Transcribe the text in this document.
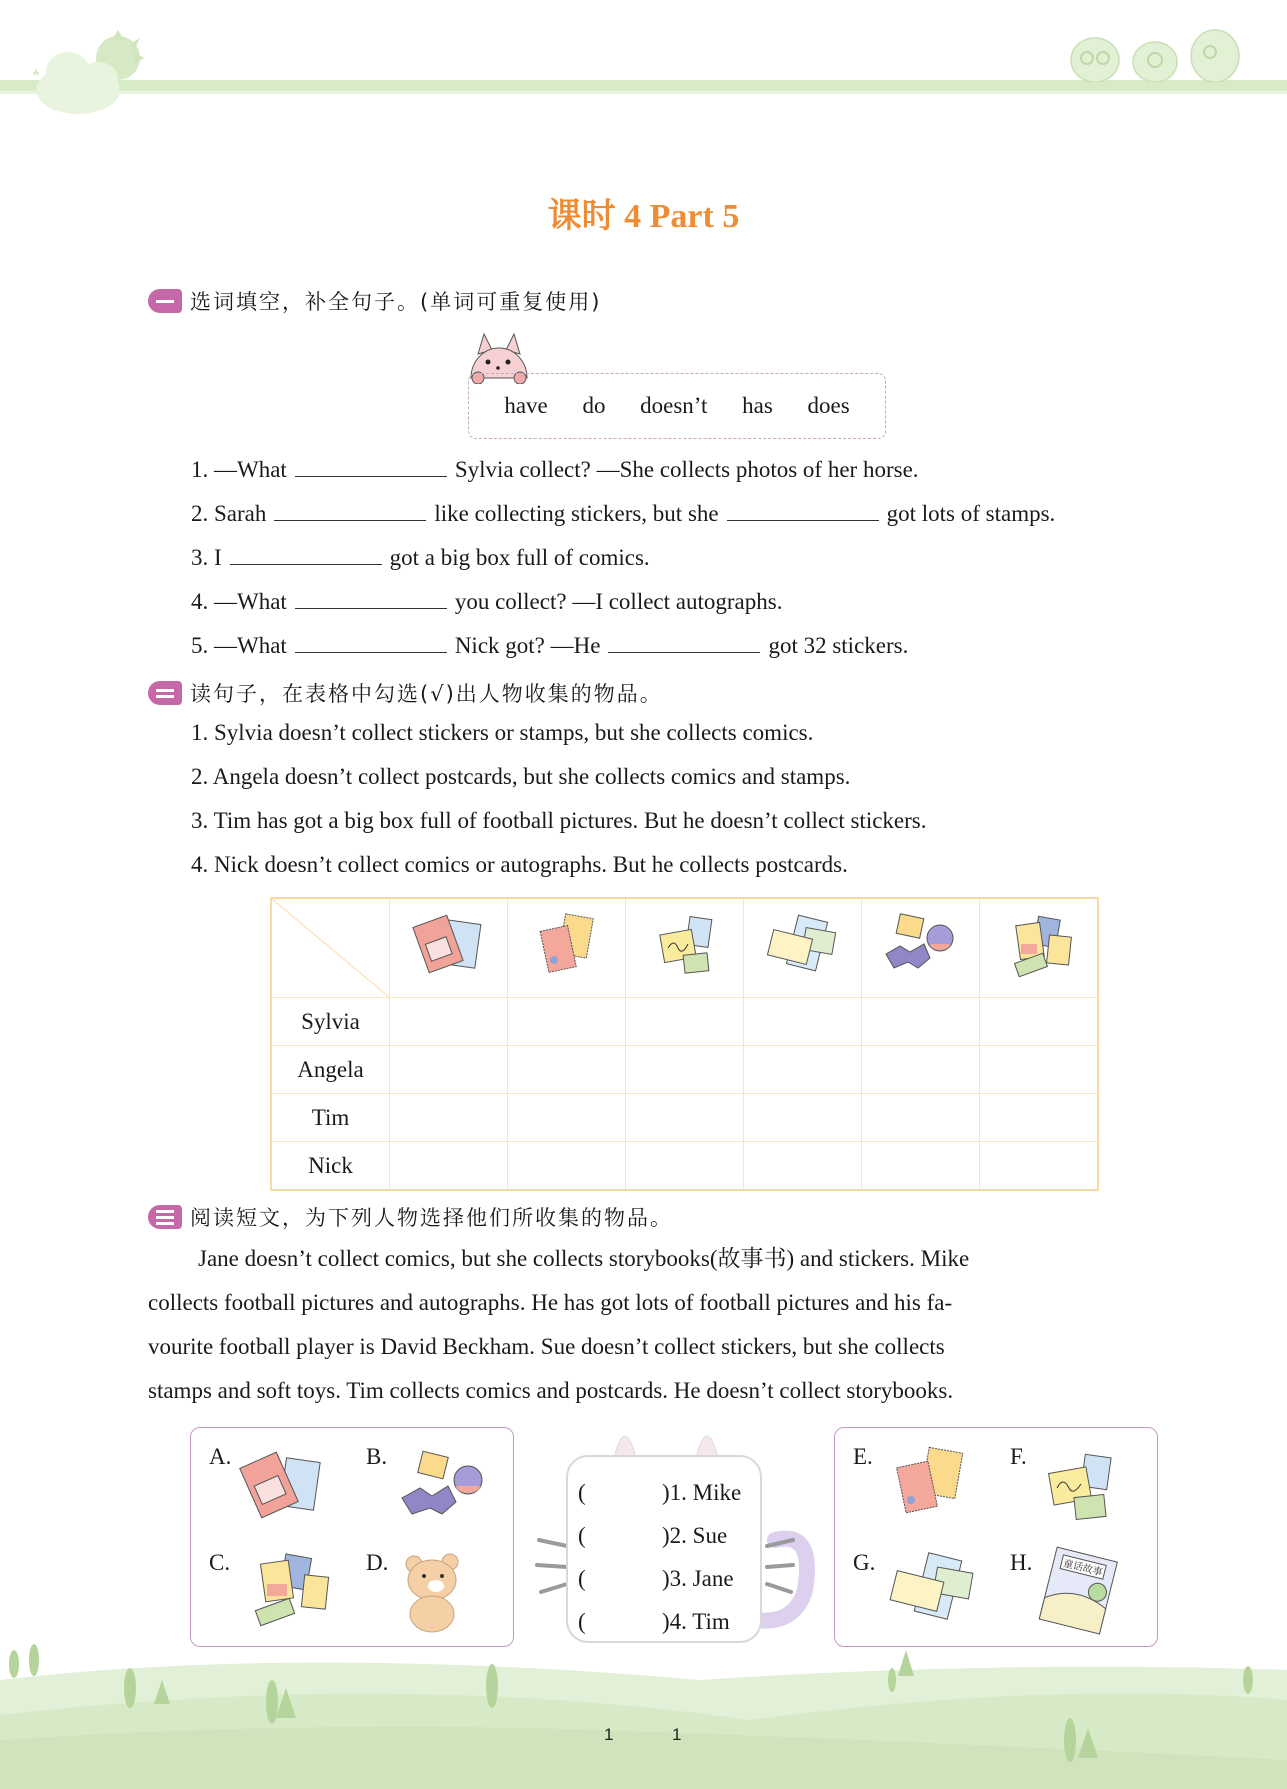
课时 4 Part 5
选词填空，补全句子。(单词可重复使用)
have do doesn’t has does
1. —What	Sylvia collect? —She collects photos of her horse.
2. Sarah	like collecting stickers, but she	got lots of stamps.
3. I	got a big box full of comics.
4. —What	you collect? —I collect autographs.
5. —What	Nick got? —He	got 32 stickers.
读句子，在表格中勾选(√)出人物收集的物品。
1. Sylvia doesn’t collect stickers or stamps, but she collects comics.
2. Angela doesn’t collect postcards, but she collects comics and stamps.
3. Tim has got a big box full of football pictures. But he doesn’t collect stickers.
4. Nick doesn’t collect comics or autographs. But he collects postcards.

Sylvia						
Angela						
Tim						
Nick						
阅读短文，为下列人物选择他们所收集的物品。
Jane doesn’t collect comics, but she collects storybooks(故事书) and stickers. Mike
collects football pictures and autographs. He has got lots of football pictures and his fa-
vourite football player is David Beckham. Sue doesn’t collect stickers, but she collects
stamps and soft toys. Tim collects comics and postcards. He doesn’t collect storybooks.
A.	B.
C.	D.
(	) 1. Mike
(	) 2. Sue
(	) 3. Jane
(	) 4. Tim
E.	F.
G.	H.	童话故事
1	1
